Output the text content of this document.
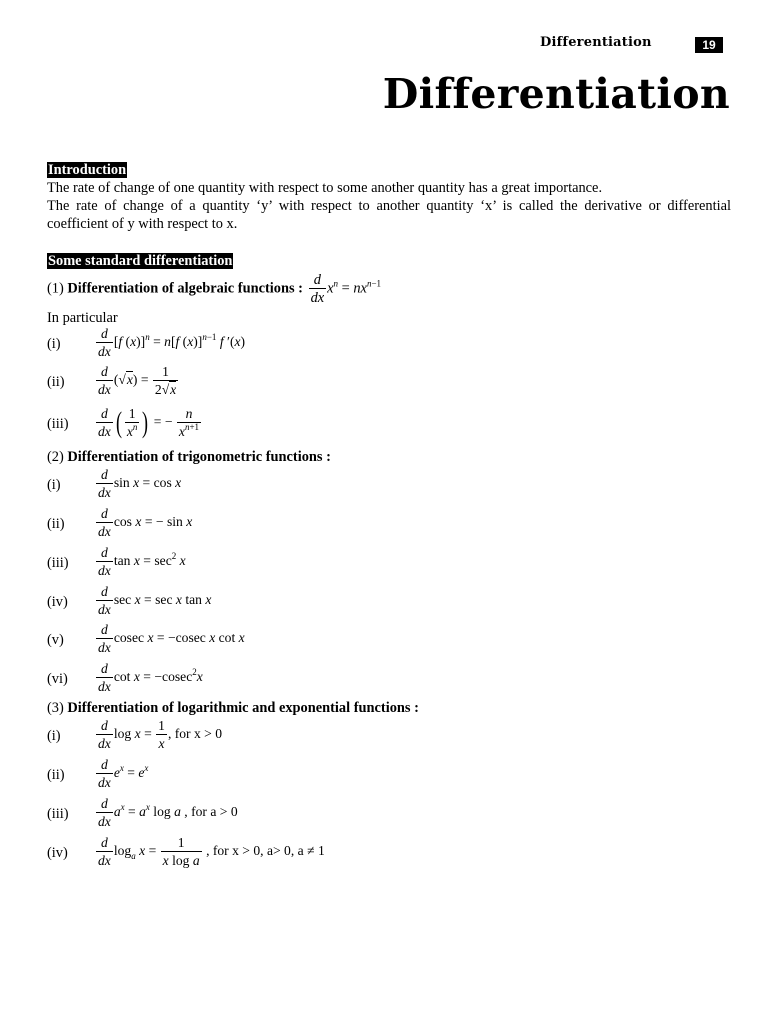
Differentiation	19
Differentiation
Introduction
The rate of change of one quantity with respect to some another quantity has a great importance.
The rate of change of a quantity ‘y’ with respect to another quantity ‘x’ is called the derivative or differential coefficient of y with respect to x.
Some standard differentiation
(1) Differentiation of algebraic functions : $\frac{d}{dx} x^n = nx^{n-1}$
In particular
(i)	$\frac{d}{dx} [f$ (x)]$^n$ = n[f (x)]$^{n-1}$ f ′(x)
$(ii) \frac{d}{dx} (√x) = \frac{1}{2√x}$
$(iii) \frac{d}{dx}$ ( $\frac{1}{x^n}$ ) = − $\frac{n}{x^{n+1}}$
(2) Differentiation of trigonometric functions :
(i)	$\frac{d}{dx}$ sin x = cos x
$(ii) \frac{d}{dx}$ cos x = − sin x
$(iii) \frac{d}{dx}$ $\tan x = \sec^2 x$
$(iv) \frac{d}{dx}$ sec x = sec x tan x
$(v) \frac{d}{dx}$ cosec x = −cosec x cot x
$(vi) \frac{d}{dx}$ cot x = −cosec$^2$x
(3) Differentiation of logarithmic and exponential functions :
(i)	$\frac{d}{dx}$ $\log x = \frac{1}{x}$ , for x > 0
$(ii) \frac{d}{dx} e^x = e^x$
$(iii) \frac{d}{dx} a^x = a^x$ log a , for a > 0
$(iv) \frac{d}{dx} \log_a x = \frac{1}{\text{x log a}}$ , for x > 0, a> 0, a ≠ 1
